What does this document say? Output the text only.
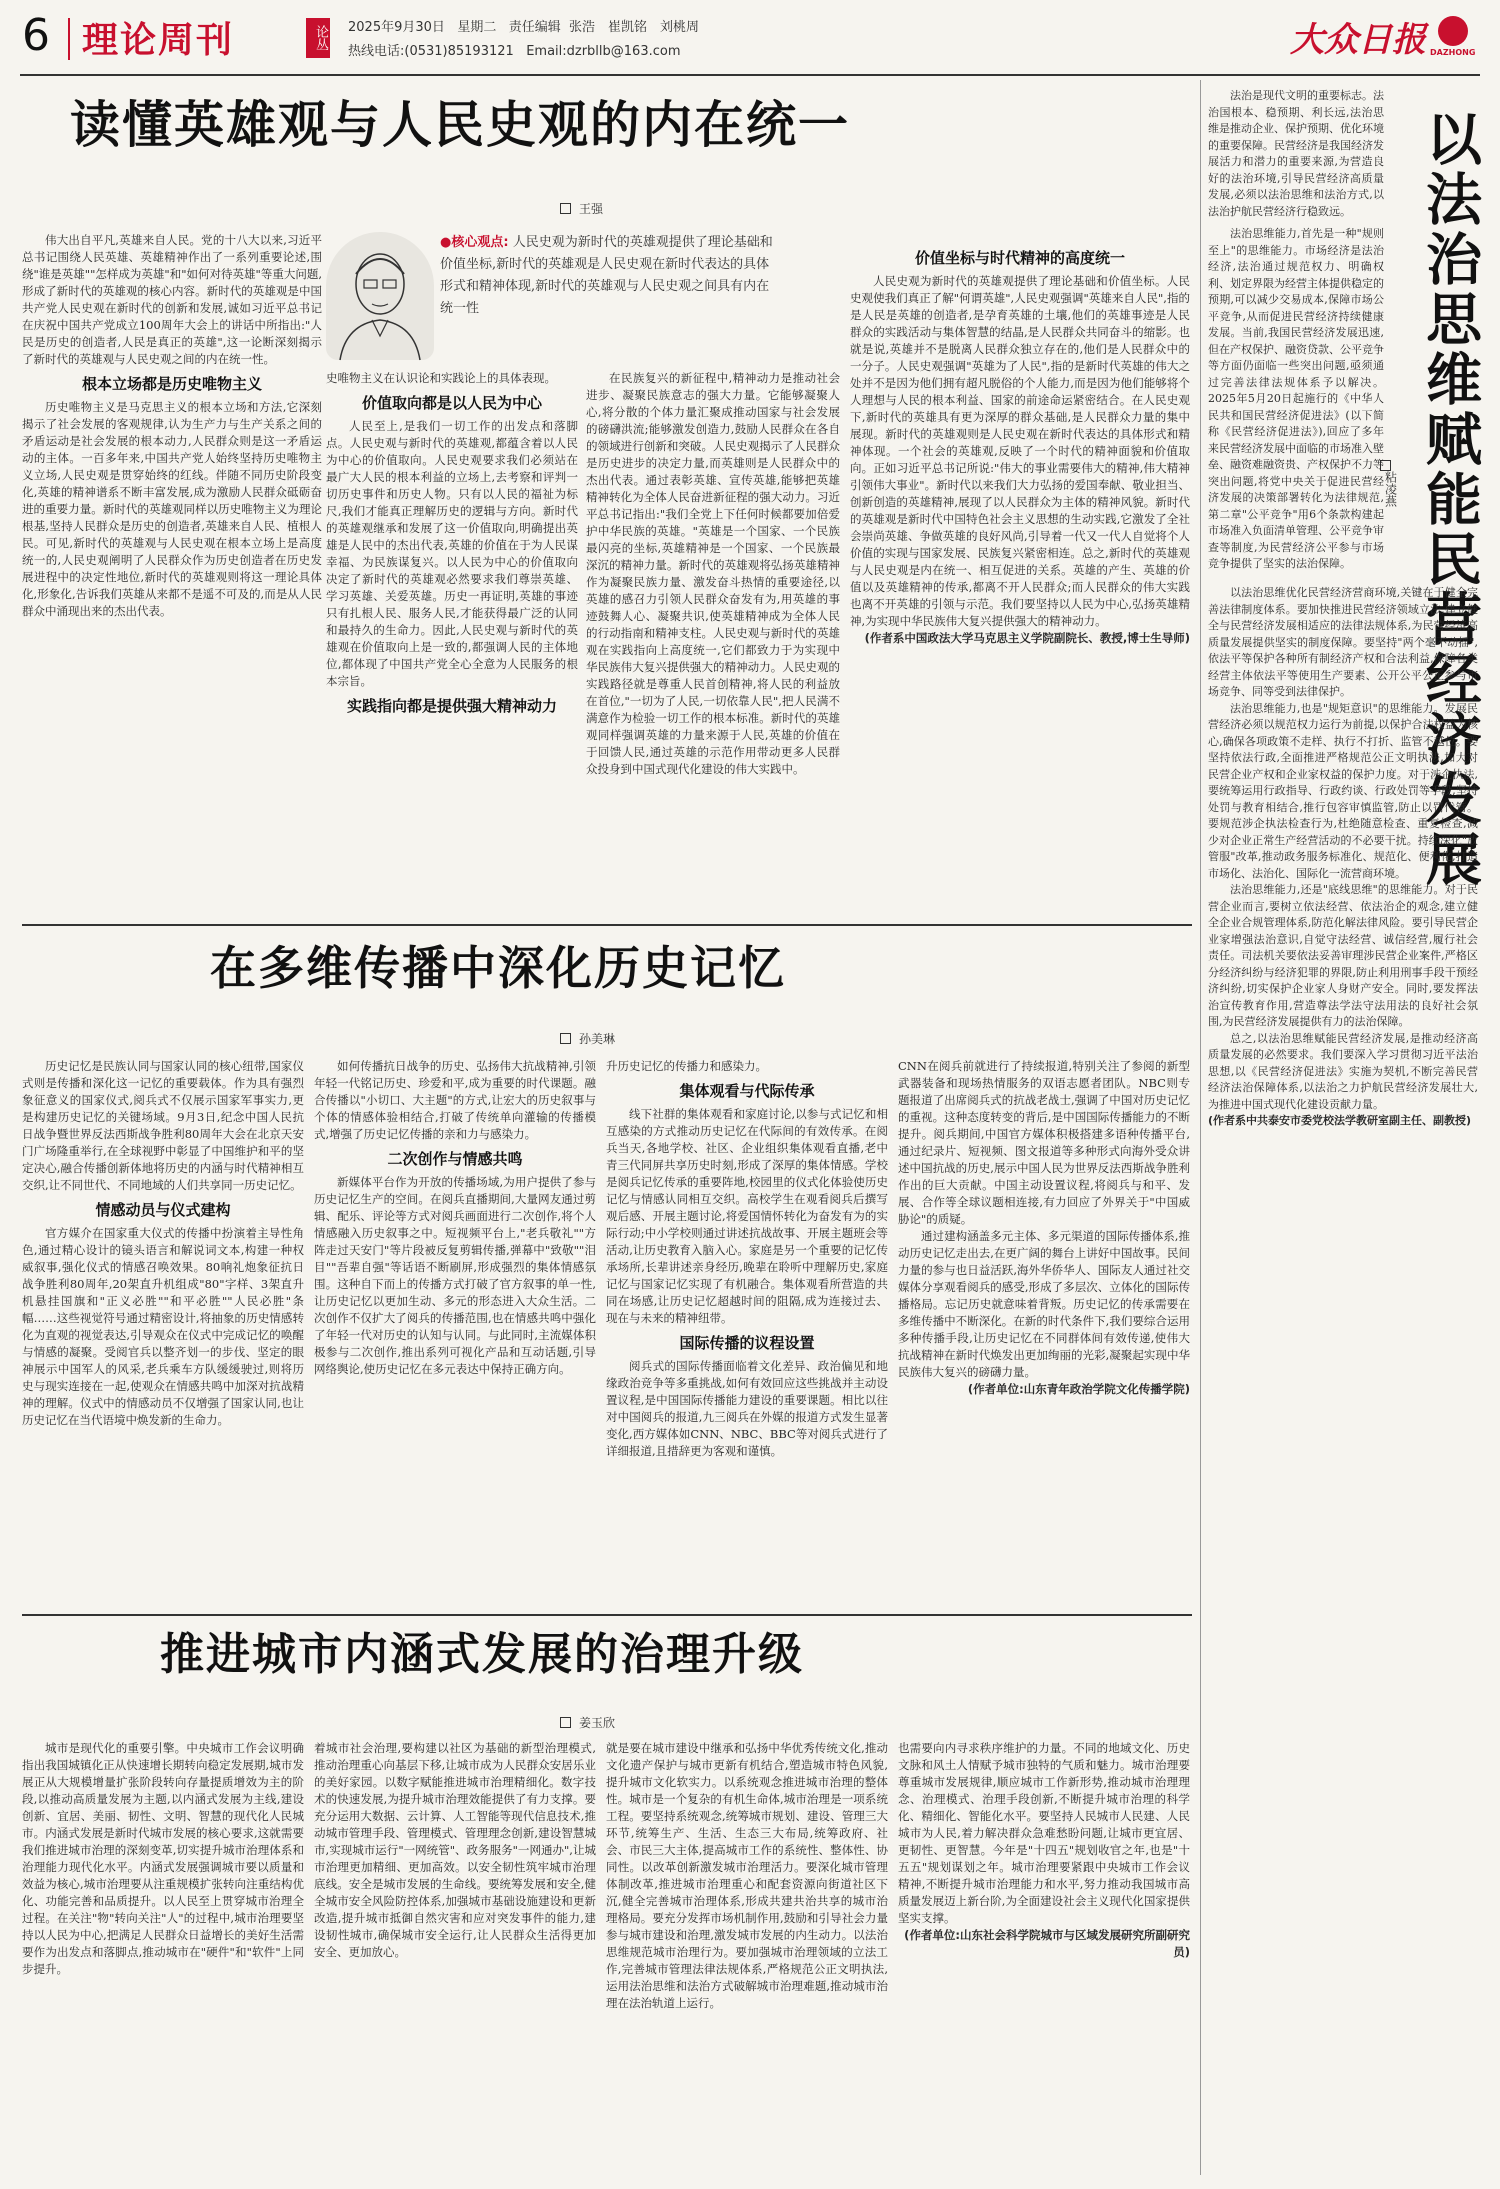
6 理论周刊	论丛 2025年9月30日 星期二 责任编辑 张浩　崔凯铭　刘桃周
热线电话:(0531)85193121 Email:dzrbllb@163.com	大众日报 DAZHONG
以法治思维赋能民营经济发展
粘凌燕

法治是现代文明的重要标志。法治国根本、稳预期、利长远,法治思维是推动企业、保护预期、优化环境的重要保障。民营经济是我国经济发展活力和潜力的重要来源,为营造良好的法治环境,引导民营经济高质量发展,必须以法治思维和法治方式,以法治护航民营经济行稳致远。

法治思维能力,首先是一种"规则至上"的思维能力。市场经济是法治经济,法治通过规范权力、明确权利、划定界限为经营主体提供稳定的预期,可以减少交易成本,保障市场公平竞争,从而促进民营经济持续健康发展。当前,我国民营经济发展迅速,但在产权保护、融资贷款、公平竞争等方面仍面临一些突出问题,亟须通过完善法律法规体系予以解决。2025年5月20日起施行的《中华人民共和国民营经济促进法》(以下简称《民营经济促进法》),回应了多年来民营经济发展中面临的市场准入壁垒、融资难融资贵、产权保护不力等突出问题,将党中央关于促进民营经济发展的决策部署转化为法律规范,第二章"公平竞争"用6个条款构建起市场准入负面清单管理、公平竞争审查等制度,为民营经济公平参与市场竞争提供了坚实的法治保障。

以法治思维优化民营经济营商环境,关键在于健全完善法律制度体系。要加快推进民营经济领域立法,建立健全与民营经济发展相适应的法律法规体系,为民营经济高质量发展提供坚实的制度保障。要坚持"两个毫不动摇",依法平等保护各种所有制经济产权和合法利益,保障各类经营主体依法平等使用生产要素、公开公平公正参与市场竞争、同等受到法律保护。

法治思维能力,也是"规矩意识"的思维能力。发展民营经济必须以规范权力运行为前提,以保护合法权益为核心,确保各项政策不走样、执行不打折、监管不越位。要坚持依法行政,全面推进严格规范公正文明执法,加大对民营企业产权和企业家权益的保护力度。对于涉企执法,要统筹运用行政指导、行政约谈、行政处罚等手段,坚持处罚与教育相结合,推行包容审慎监管,防止以罚代管。要规范涉企执法检查行为,杜绝随意检查、重复检查,减少对企业正常生产经营活动的不必要干扰。持续深化"放管服"改革,推动政务服务标准化、规范化、便利化,打造市场化、法治化、国际化一流营商环境。

法治思维能力,还是"底线思维"的思维能力。对于民营企业而言,要树立依法经营、依法治企的观念,建立健全企业合规管理体系,防范化解法律风险。要引导民营企业家增强法治意识,自觉守法经营、诚信经营,履行社会责任。司法机关要依法妥善审理涉民营企业案件,严格区分经济纠纷与经济犯罪的界限,防止利用刑事手段干预经济纠纷,切实保护企业家人身财产安全。同时,要发挥法治宣传教育作用,营造尊法学法守法用法的良好社会氛围,为民营经济发展提供有力的法治保障。

总之,以法治思维赋能民营经济发展,是推动经济高质量发展的必然要求。我们要深入学习贯彻习近平法治思想,以《民营经济促进法》实施为契机,不断完善民营经济法治保障体系,以法治之力护航民营经济发展壮大,为推进中国式现代化建设贡献力量。

(作者系中共泰安市委党校法学教研室副主任、副教授)

读懂英雄观与人民史观的内在统一
王强

伟大出自平凡,英雄来自人民。党的十八大以来,习近平总书记围绕人民英雄、英雄精神作出了一系列重要论述,围绕"谁是英雄""怎样成为英雄"和"如何对待英雄"等重大问题,形成了新时代的英雄观的核心内容。新时代的英雄观是中国共产党人民史观在新时代的创新和发展,诚如习近平总书记在庆祝中国共产党成立100周年大会上的讲话中所指出:"人民是历史的创造者,人民是真正的英雄",这一论断深刻揭示了新时代的英雄观与人民史观之间的内在统一性。

根本立场都是历史唯物主义

历史唯物主义是马克思主义的根本立场和方法,它深刻揭示了社会发展的客观规律,认为生产力与生产关系之间的矛盾运动是社会发展的根本动力,人民群众则是这一矛盾运动的主体。一百多年来,中国共产党人始终坚持历史唯物主义立场,人民史观是贯穿始终的红线。伴随不同历史阶段变化,英雄的精神谱系不断丰富发展,成为激励人民群众砥砺奋进的重要力量。新时代的英雄观同样以历史唯物主义为理论根基,坚持人民群众是历史的创造者,英雄来自人民、植根人民。可见,新时代的英雄观与人民史观在根本立场上是高度统一的,人民史观阐明了人民群众作为历史创造者在历史发展进程中的决定性地位,新时代的英雄观则将这一理论具体化,形象化,告诉我们英雄从来都不是遥不可及的,而是从人民群众中涌现出来的杰出代表。

●核心观点: 人民史观为新时代的英雄观提供了理论基础和价值坐标,新时代的英雄观是人民史观在新时代表达的具体形式和精神体现,新时代的英雄观与人民史观之间具有内在统一性

史唯物主义在认识论和实践论上的具体表现。

价值取向都是以人民为中心

人民至上,是我们一切工作的出发点和落脚点。人民史观与新时代的英雄观,都蕴含着以人民为中心的价值取向。人民史观要求我们必须站在最广大人民的根本利益的立场上,去考察和评判一切历史事件和历史人物。只有以人民的福祉为标尺,我们才能真正理解历史的逻辑与方向。新时代的英雄观继承和发展了这一价值取向,明确提出英雄是人民中的杰出代表,英雄的价值在于为人民谋幸福、为民族谋复兴。以人民为中心的价值取向决定了新时代的英雄观必然要求我们尊崇英雄、学习英雄、关爱英雄。历史一再证明,英雄的事迹只有扎根人民、服务人民,才能获得最广泛的认同和最持久的生命力。因此,人民史观与新时代的英雄观在价值取向上是一致的,都强调人民的主体地位,都体现了中国共产党全心全意为人民服务的根本宗旨。

实践指向都是提供强大精神动力

在民族复兴的新征程中,精神动力是推动社会进步、凝聚民族意志的强大力量。它能够凝聚人心,将分散的个体力量汇聚成推动国家与社会发展的磅礴洪流;能够激发创造力,鼓励人民群众在各自的领域进行创新和突破。人民史观揭示了人民群众是历史进步的决定力量,而英雄则是人民群众中的杰出代表。通过表彰英雄、宣传英雄,能够把英雄精神转化为全体人民奋进新征程的强大动力。习近平总书记指出:"我们全党上下任何时候都要加倍爱护中华民族的英雄。"英雄是一个国家、一个民族最闪亮的坐标,英雄精神是一个国家、一个民族最深沉的精神力量。新时代的英雄观将弘扬英雄精神作为凝聚民族力量、激发奋斗热情的重要途径,以英雄的感召力引领人民群众奋发有为,用英雄的事迹鼓舞人心、凝聚共识,使英雄精神成为全体人民的行动指南和精神支柱。人民史观与新时代的英雄观在实践指向上高度统一,它们都致力于为实现中华民族伟大复兴提供强大的精神动力。人民史观的实践路径就是尊重人民首创精神,将人民的利益放在首位,"一切为了人民,一切依靠人民",把人民满不满意作为检验一切工作的根本标准。新时代的英雄观同样强调英雄的力量来源于人民,英雄的价值在于回馈人民,通过英雄的示范作用带动更多人民群众投身到中国式现代化建设的伟大实践中。

价值坐标与时代精神的高度统一

人民史观为新时代的英雄观提供了理论基础和价值坐标。人民史观使我们真正了解"何谓英雄",人民史观强调"英雄来自人民",指的是人民是英雄的创造者,是孕育英雄的土壤,他们的英雄事迹是人民群众的实践活动与集体智慧的结晶,是人民群众共同奋斗的缩影。也就是说,英雄并不是脱离人民群众独立存在的,他们是人民群众中的一分子。人民史观强调"英雄为了人民",指的是新时代英雄的伟大之处并不是因为他们拥有超凡脱俗的个人能力,而是因为他们能够将个人理想与人民的根本利益、国家的前途命运紧密结合。在人民史观下,新时代的英雄具有更为深厚的群众基础,是人民群众力量的集中展现。新时代的英雄观则是人民史观在新时代表达的具体形式和精神体现。一个社会的英雄观,反映了一个时代的精神面貌和价值取向。正如习近平总书记所说:"伟大的事业需要伟大的精神,伟大精神引领伟大事业"。新时代以来我们大力弘扬的爱国奉献、敬业担当、创新创造的英雄精神,展现了以人民群众为主体的精神风貌。新时代的英雄观是新时代中国特色社会主义思想的生动实践,它激发了全社会崇尚英雄、争做英雄的良好风尚,引导着一代又一代人自觉将个人价值的实现与国家发展、民族复兴紧密相连。总之,新时代的英雄观与人民史观是内在统一、相互促进的关系。英雄的产生、英雄的价值以及英雄精神的传承,都离不开人民群众;而人民群众的伟大实践也离不开英雄的引领与示范。我们要坚持以人民为中心,弘扬英雄精神,为实现中华民族伟大复兴提供强大的精神动力。

(作者系中国政法大学马克思主义学院副院长、教授,博士生导师)

在多维传播中深化历史记忆
孙美琳

历史记忆是民族认同与国家认同的核心纽带,国家仪式则是传播和深化这一记忆的重要载体。作为具有强烈象征意义的国家仪式,阅兵式不仅展示国家军事实力,更是构建历史记忆的关键场域。9月3日,纪念中国人民抗日战争暨世界反法西斯战争胜利80周年大会在北京天安门广场隆重举行,在全球视野中彰显了中国维护和平的坚定决心,融合传播创新体地将历史的内涵与时代精神相互交织,让不同世代、不同地域的人们共享同一历史记忆。

情感动员与仪式建构

官方媒介在国家重大仪式的传播中扮演着主导性角色,通过精心设计的镜头语言和解说词文本,构建一种权威叙事,强化仪式的情感召唤效果。80响礼炮象征抗日战争胜利80周年,20架直升机组成"80"字样、3架直升机悬挂国旗和"正义必胜""和平必胜""人民必胜"条幅……这些视觉符号通过精密设计,将抽象的历史情感转化为直观的视觉表达,引导观众在仪式中完成记忆的唤醒与情感的凝聚。受阅官兵以整齐划一的步伐、坚定的眼神展示中国军人的风采,老兵乘车方队缓缓驶过,则将历史与现实连接在一起,使观众在情感共鸣中加深对抗战精神的理解。仪式中的情感动员不仅增强了国家认同,也让历史记忆在当代语境中焕发新的生命力。

如何传播抗日战争的历史、弘扬伟大抗战精神,引领年轻一代铭记历史、珍爱和平,成为重要的时代课题。融合传播以"小切口、大主题"的方式,让宏大的历史叙事与个体的情感体验相结合,打破了传统单向灌输的传播模式,增强了历史记忆传播的亲和力与感染力。

二次创作与情感共鸣

新媒体平台作为开放的传播场域,为用户提供了参与历史记忆生产的空间。在阅兵直播期间,大量网友通过剪辑、配乐、评论等方式对阅兵画面进行二次创作,将个人情感融入历史叙事之中。短视频平台上,"老兵敬礼""方阵走过天安门"等片段被反复剪辑传播,弹幕中"致敬""泪目""吾辈自强"等话语不断刷屏,形成强烈的集体情感氛围。这种自下而上的传播方式打破了官方叙事的单一性,让历史记忆以更加生动、多元的形态进入大众生活。二次创作不仅扩大了阅兵的传播范围,也在情感共鸣中强化了年轻一代对历史的认知与认同。与此同时,主流媒体积极参与二次创作,推出系列可视化产品和互动话题,引导网络舆论,使历史记忆在多元表达中保持正确方向。

升历史记忆的传播力和感染力。

集体观看与代际传承

线下社群的集体观看和家庭讨论,以参与式记忆和相互感染的方式推动历史记忆在代际间的有效传承。在阅兵当天,各地学校、社区、企业组织集体观看直播,老中青三代同屏共享历史时刻,形成了深厚的集体情感。学校是阅兵记忆传承的重要阵地,校园里的仪式化体验使历史记忆与情感认同相互交织。高校学生在观看阅兵后撰写观后感、开展主题讨论,将爱国情怀转化为奋发有为的实际行动;中小学校则通过讲述抗战故事、开展主题班会等活动,让历史教育入脑入心。家庭是另一个重要的记忆传承场所,长辈讲述亲身经历,晚辈在聆听中理解历史,家庭记忆与国家记忆实现了有机融合。集体观看所营造的共同在场感,让历史记忆超越时间的阻隔,成为连接过去、现在与未来的精神纽带。

国际传播的议程设置

阅兵式的国际传播面临着文化差异、政治偏见和地缘政治竞争等多重挑战,如何有效回应这些挑战并主动设置议程,是中国国际传播能力建设的重要课题。相比以往对中国阅兵的报道,九三阅兵在外媒的报道方式发生显著变化,西方媒体如CNN、NBC、BBC等对阅兵式进行了详细报道,且措辞更为客观和谨慎。

CNN在阅兵前就进行了持续报道,特别关注了参阅的新型武器装备和现场热情服务的双语志愿者团队。NBC则专题报道了出席阅兵式的抗战老战士,强调了中国对历史记忆的重视。这种态度转变的背后,是中国国际传播能力的不断提升。阅兵期间,中国官方媒体积极搭建多语种传播平台,通过纪录片、短视频、图文报道等多种形式向海外受众讲述中国抗战的历史,展示中国人民为世界反法西斯战争胜利作出的巨大贡献。中国主动设置议程,将阅兵与和平、发展、合作等全球议题相连接,有力回应了外界关于"中国威胁论"的质疑。

通过建构涵盖多元主体、多元渠道的国际传播体系,推动历史记忆走出去,在更广阔的舞台上讲好中国故事。民间力量的参与也日益活跃,海外华侨华人、国际友人通过社交媒体分享观看阅兵的感受,形成了多层次、立体化的国际传播格局。忘记历史就意味着背叛。历史记忆的传承需要在多维传播中不断深化。在新的时代条件下,我们要综合运用多种传播手段,让历史记忆在不同群体间有效传递,使伟大抗战精神在新时代焕发出更加绚丽的光彩,凝聚起实现中华民族伟大复兴的磅礴力量。

(作者单位:山东青年政治学院文化传播学院)

推进城市内涵式发展的治理升级
姜玉欣

城市是现代化的重要引擎。中央城市工作会议明确指出我国城镇化正从快速增长期转向稳定发展期,城市发展正从大规模增量扩张阶段转向存量提质增效为主的阶段,以推动高质量发展为主题,以内涵式发展为主线,建设创新、宜居、美丽、韧性、文明、智慧的现代化人民城市。内涵式发展是新时代城市发展的核心要求,这就需要我们推进城市治理的深刻变革,切实提升城市治理体系和治理能力现代化水平。内涵式发展强调城市要以质量和效益为核心,城市治理要从注重规模扩张转向注重结构优化、功能完善和品质提升。以人民至上贯穿城市治理全过程。在关注"物"转向关注"人"的过程中,城市治理要坚持以人民为中心,把满足人民群众日益增长的美好生活需要作为出发点和落脚点,推动城市在"硬件"和"软件"上同步提升。

着城市社会治理,要构建以社区为基础的新型治理模式,推动治理重心向基层下移,让城市成为人民群众安居乐业的美好家园。以数字赋能推进城市治理精细化。数字技术的快速发展,为提升城市治理效能提供了有力支撑。要充分运用大数据、云计算、人工智能等现代信息技术,推动城市管理手段、管理模式、管理理念创新,建设智慧城市,实现城市运行"一网统管"、政务服务"一网通办",让城市治理更加精细、更加高效。以安全韧性筑牢城市治理底线。安全是城市发展的生命线。要统筹发展和安全,健全城市安全风险防控体系,加强城市基础设施建设和更新改造,提升城市抵御自然灾害和应对突发事件的能力,建设韧性城市,确保城市安全运行,让人民群众生活得更加安全、更加放心。

就是要在城市建设中继承和弘扬中华优秀传统文化,推动文化遗产保护与城市更新有机结合,塑造城市特色风貌,提升城市文化软实力。以系统观念推进城市治理的整体性。城市是一个复杂的有机生命体,城市治理是一项系统工程。要坚持系统观念,统筹城市规划、建设、管理三大环节,统筹生产、生活、生态三大布局,统筹政府、社会、市民三大主体,提高城市工作的系统性、整体性、协同性。以改革创新激发城市治理活力。要深化城市管理体制改革,推进城市治理重心和配套资源向街道社区下沉,健全完善城市治理体系,形成共建共治共享的城市治理格局。要充分发挥市场机制作用,鼓励和引导社会力量参与城市建设和治理,激发城市发展的内生动力。以法治思维规范城市治理行为。要加强城市治理领域的立法工作,完善城市管理法律法规体系,严格规范公正文明执法,运用法治思维和法治方式破解城市治理难题,推动城市治理在法治轨道上运行。

也需要向内寻求秩序维护的力量。不同的地域文化、历史文脉和风土人情赋予城市独特的气质和魅力。城市治理要尊重城市发展规律,顺应城市工作新形势,推动城市治理理念、治理模式、治理手段创新,不断提升城市治理的科学化、精细化、智能化水平。要坚持人民城市人民建、人民城市为人民,着力解决群众急难愁盼问题,让城市更宜居、更韧性、更智慧。今年是"十四五"规划收官之年,也是"十五五"规划谋划之年。城市治理要紧跟中央城市工作会议精神,不断提升城市治理能力和水平,努力推动我国城市高质量发展迈上新台阶,为全面建设社会主义现代化国家提供坚实支撑。

(作者单位:山东社会科学院城市与区域发展研究所副研究员)
